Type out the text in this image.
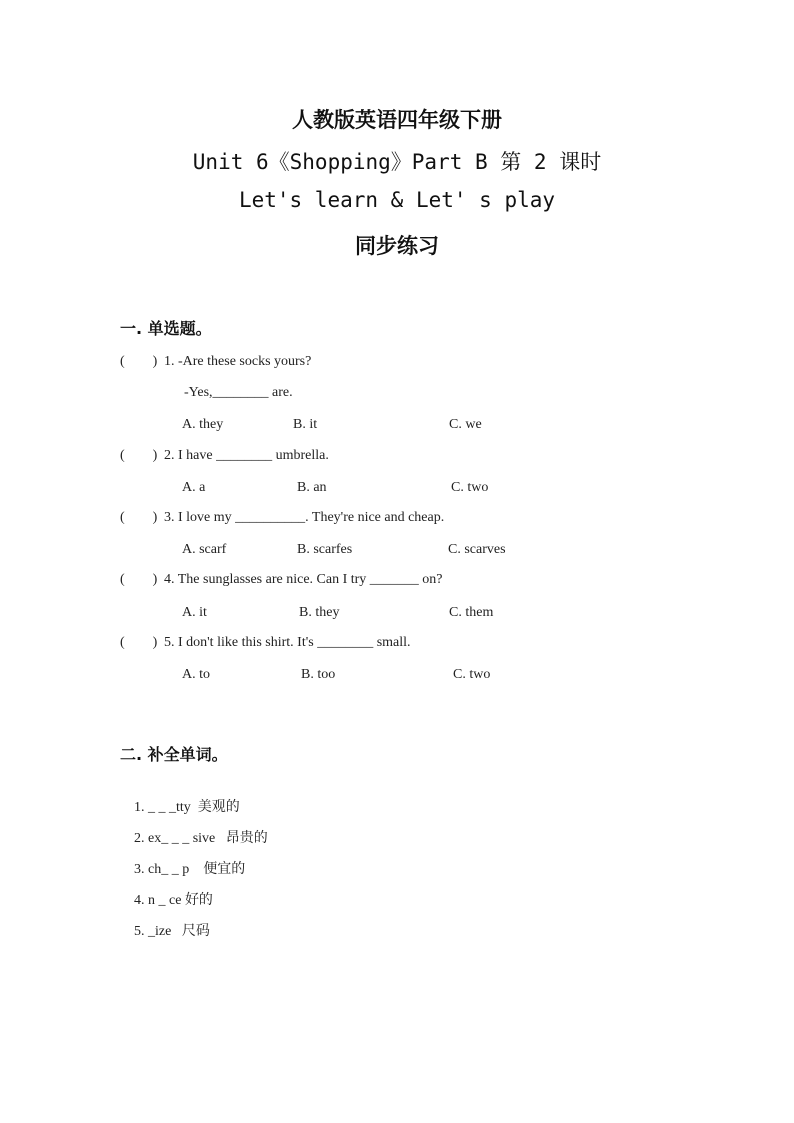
人教版英语四年级下册
Unit 6《Shopping》Part B 第 2 课时
Let's learn & Let' s play
同步练习
一. 单选题。
(        ) 1. -Are these socks yours?
-Yes,________ are.
A. they	B. it	C. we
(        ) 2. I have ________ umbrella.
A. a	B. an	C. two
(        ) 3. I love my __________. They're nice and cheap.
A. scarf	B. scarfes	C. scarves
(        ) 4. The sunglasses are nice. Can I try _______ on?
A. it	B. they	C. them
(        ) 5. I don't like this shirt. It's ________ small.
A. to	B. too	C. two
二. 补全单词。

1. _ _ _tty 美观的

2. ex_ _ _ sive 昂贵的

3. ch_ _ p 便宜的

4. n _ ce 好的

5. _ize 尺码
